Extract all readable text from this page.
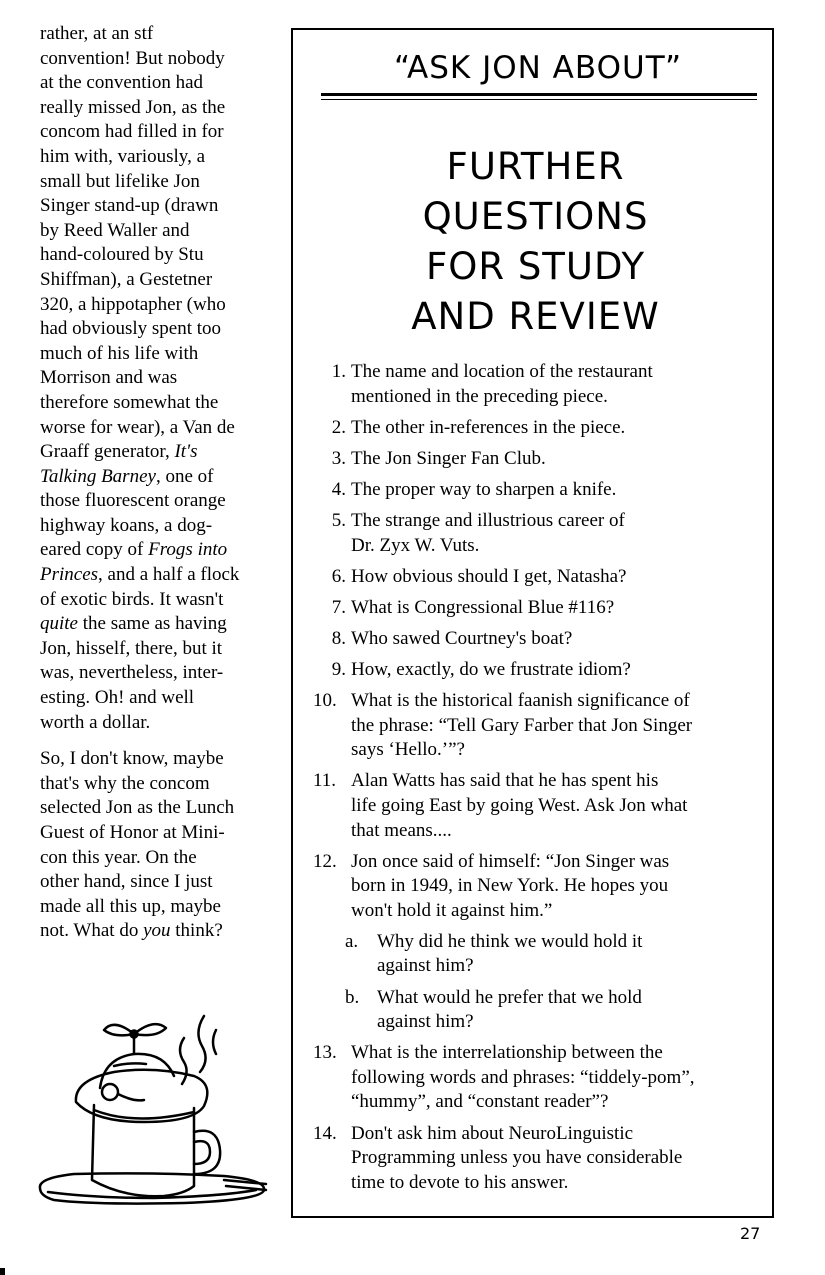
rather, at an stf
convention! But nobody
at the convention had
really missed Jon, as the
concom had filled in for
him with, variously, a
small but lifelike Jon
Singer stand-up (drawn
by Reed Waller and
hand-coloured by Stu
Shiffman), a Gestetner
320, a hippotapher (who
had obviously spent too
much of his life with
Morrison and was
therefore somewhat the
worse for wear), a Van de
Graaff generator, It's
Talking Barney, one of
those fluorescent orange
highway koans, a dog-
eared copy of Frogs into
Princes, and a half a flock
of exotic birds. It wasn't
quite the same as having
Jon, hisself, there, but it
was, nevertheless, inter-
esting. Oh! and well
worth a dollar.

So, I don't know, maybe
that's why the concom
selected Jon as the Lunch
Guest of Honor at Mini-
con this year. On the
other hand, since I just
made all this up, maybe
not. What do you think?

“ASK JON ABOUT”
FURTHER
QUESTIONS
FOR STUDY
AND REVIEW
1. The name and location of the restaurant
mentioned in the preceding piece.
2. The other in-references in the piece.
3. The Jon Singer Fan Club.
4. The proper way to sharpen a knife.
5. The strange and illustrious career of
Dr. Zyx W. Vuts.
6. How obvious should I get, Natasha?
7. What is Congressional Blue #116?
8. Who sawed Courtney's boat?
9. How, exactly, do we frustrate idiom?
10. What is the historical faanish significance of
the phrase: “Tell Gary Farber that Jon Singer
says ‘Hello.’”?
11. Alan Watts has said that he has spent his
life going East by going West. Ask Jon what
that means....
12. Jon once said of himself: “Jon Singer was
born in 1949, in New York. He hopes you
won't hold it against him.”
a. Why did he think we would hold it
against him?
b. What would he prefer that we hold
against him?
13. What is the interrelationship between the
following words and phrases: “tiddely-pom”,
“hummy”, and “constant reader”?
14. Don't ask him about NeuroLinguistic
Programming unless you have considerable
time to devote to his answer.
27
